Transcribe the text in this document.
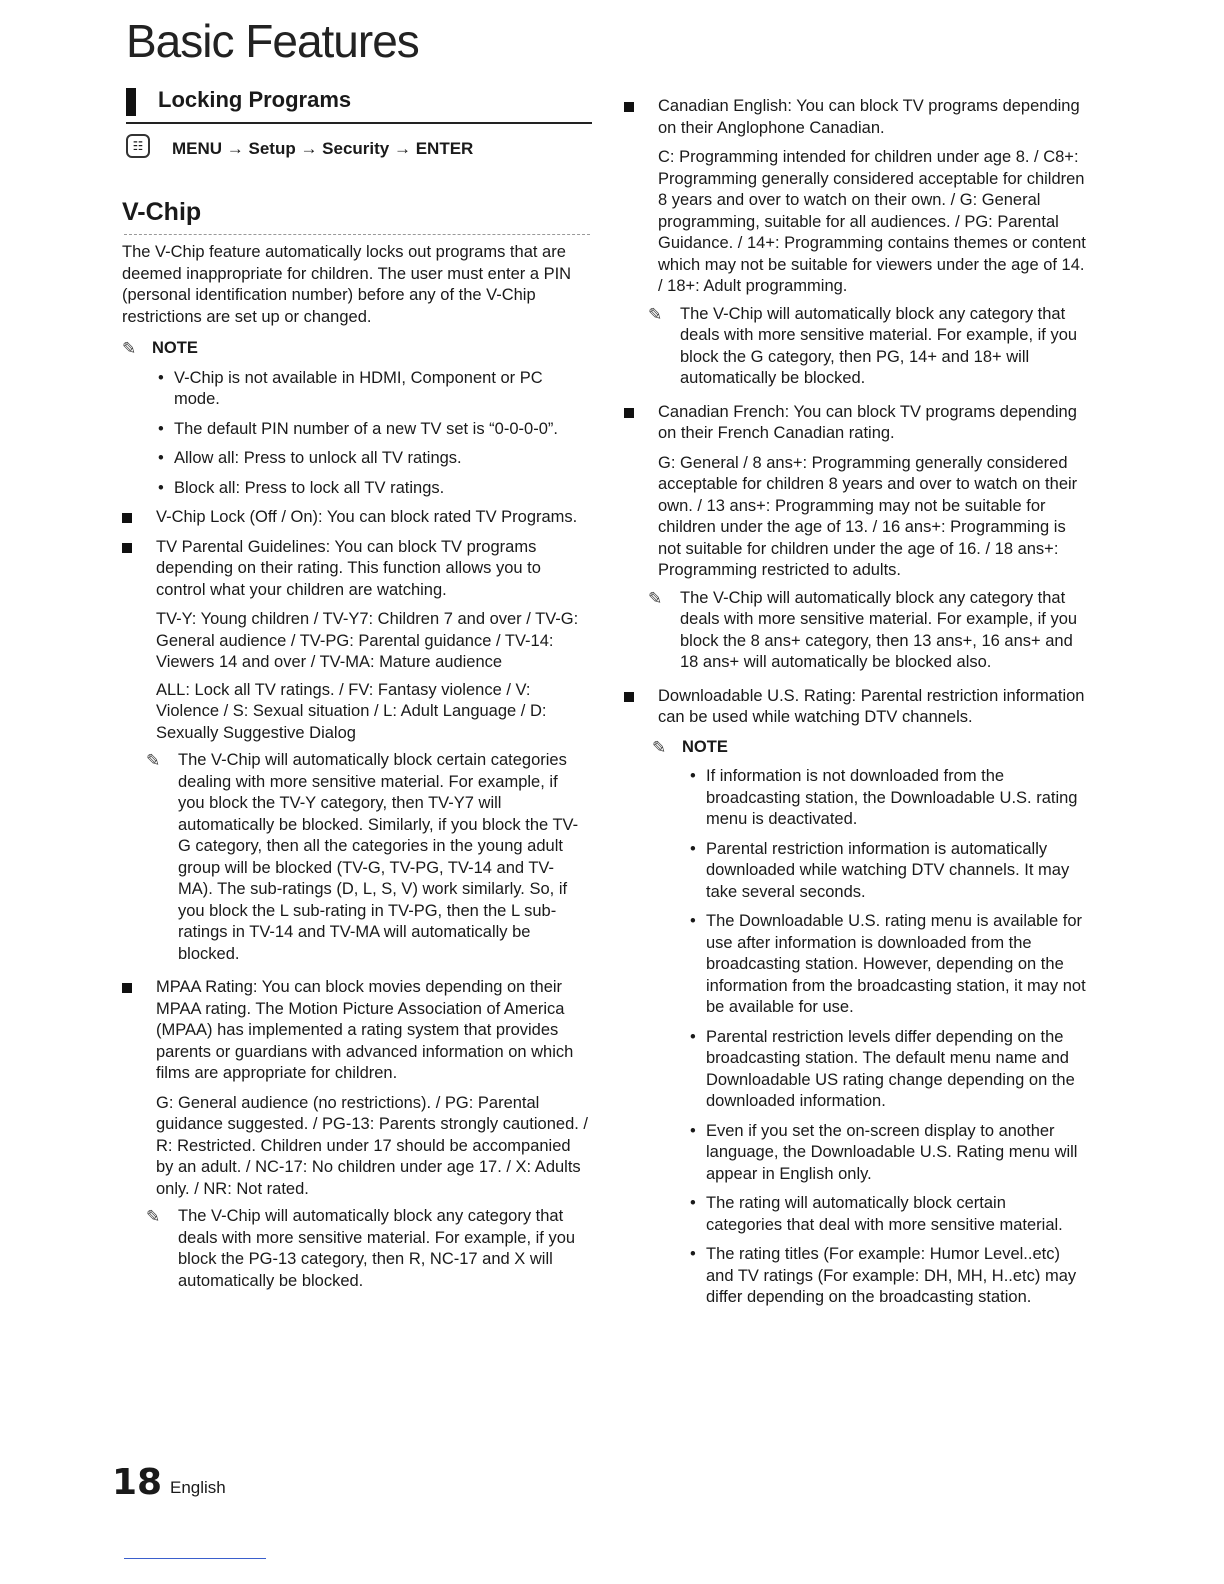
Basic Features
Locking Programs
☷	MENU → Setup → Security → ENTER
V-Chip

The V-Chip feature automatically locks out programs that are deemed inappropriate for children. The user must enter a PIN (personal identification number) before any of the V-Chip restrictions are set up or changed.

✎ NOTE

• V-Chip is not available in HDMI, Component or PC mode.

• The default PIN number of a new TV set is “0-0-0-0”.

• Allow all: Press to unlock all TV ratings.

• Block all: Press to lock all TV ratings.

V-Chip Lock (Off / On): You can block rated TV Programs.

TV Parental Guidelines: You can block TV programs depending on their rating. This function allows you to control what your children are watching.

TV-Y: Young children / TV-Y7: Children 7 and over / TV-G: General audience / TV-PG: Parental guidance / TV-14: Viewers 14 and over / TV-MA: Mature audience

ALL: Lock all TV ratings. / FV: Fantasy violence / V: Violence / S: Sexual situation / L: Adult Language / D: Sexually Suggestive Dialog

✎ The V-Chip will automatically block certain categories dealing with more sensitive material. For example, if you block the TV-Y category, then TV-Y7 will automatically be blocked. Similarly, if you block the TV-G category, then all the categories in the young adult group will be blocked (TV-G, TV-PG, TV-14 and TV-MA). The sub-ratings (D, L, S, V) work similarly. So, if you block the L sub-rating in TV-PG, then the L sub-ratings in TV-14 and TV-MA will automatically be blocked.

MPAA Rating: You can block movies depending on their MPAA rating. The Motion Picture Association of America (MPAA) has implemented a rating system that provides parents or guardians with advanced information on which films are appropriate for children.

G: General audience (no restrictions). / PG: Parental guidance suggested. / PG-13: Parents strongly cautioned. / R: Restricted. Children under 17 should be accompanied by an adult. / NC-17: No children under age 17. / X: Adults only. / NR: Not rated.

✎ The V-Chip will automatically block any category that deals with more sensitive material. For example, if you block the PG-13 category, then R, NC-17 and X will automatically be blocked.

Canadian English: You can block TV programs depending on their Anglophone Canadian.

C: Programming intended for children under age 8. / C8+: Programming generally considered acceptable for children 8 years and over to watch on their own. / G: General programming, suitable for all audiences. / PG: Parental Guidance. / 14+: Programming contains themes or content which may not be suitable for viewers under the age of 14. / 18+: Adult programming.

✎ The V-Chip will automatically block any category that deals with more sensitive material. For example, if you block the G category, then PG, 14+ and 18+ will automatically be blocked.

Canadian French: You can block TV programs depending on their French Canadian rating.

G: General / 8 ans+: Programming generally considered acceptable for children 8 years and over to watch on their own. / 13 ans+: Programming may not be suitable for children under the age of 13. / 16 ans+: Programming is not suitable for children under the age of 16. / 18 ans+: Programming restricted to adults.

✎ The V-Chip will automatically block any category that deals with more sensitive material. For example, if you block the 8 ans+ category, then 13 ans+, 16 ans+ and 18 ans+ will automatically be blocked also.

Downloadable U.S. Rating: Parental restriction information can be used while watching DTV channels.

✎ NOTE

• If information is not downloaded from the broadcasting station, the Downloadable U.S. rating menu is deactivated.

• Parental restriction information is automatically downloaded while watching DTV channels. It may take several seconds.

• The Downloadable U.S. rating menu is available for use after information is downloaded from the broadcasting station. However, depending on the information from the broadcasting station, it may not be available for use.

• Parental restriction levels differ depending on the broadcasting station. The default menu name and Downloadable US rating change depending on the downloaded information.

• Even if you set the on-screen display to another language, the Downloadable U.S. Rating menu will appear in English only.

• The rating will automatically block certain categories that deal with more sensitive material.

• The rating titles (For example: Humor Level..etc) and TV ratings (For example: DH, MH, H..etc) may differ depending on the broadcasting station.

18 English
